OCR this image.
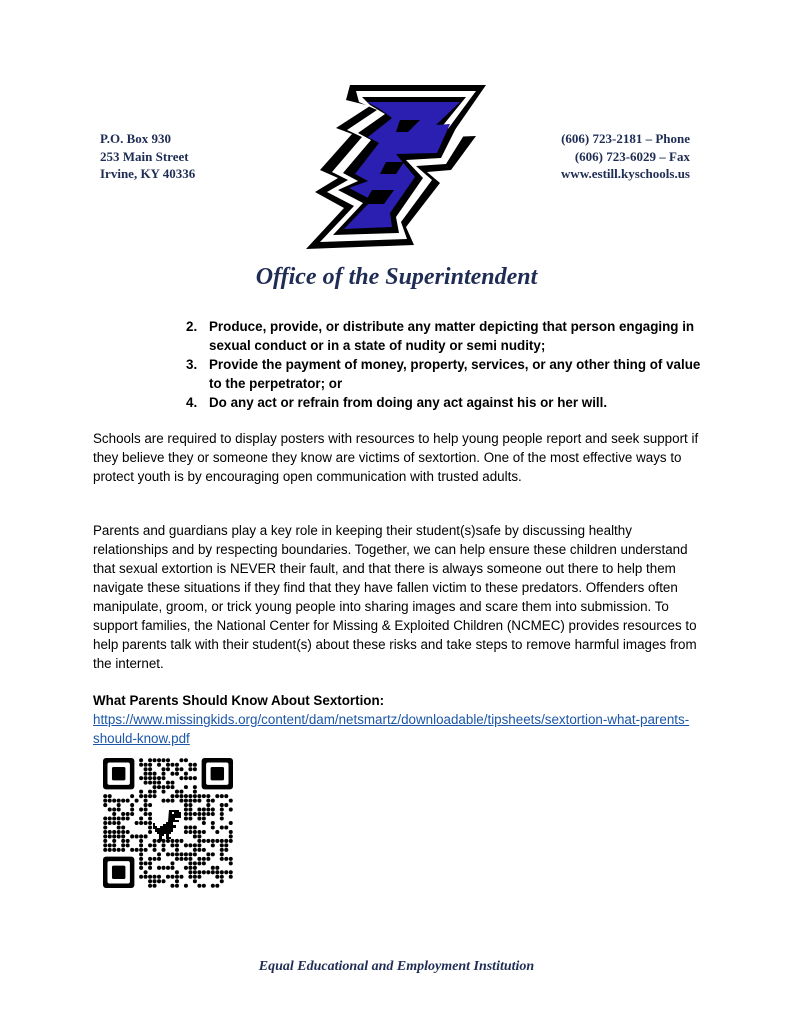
P.O. Box 930
253 Main Street
Irvine, KY 40336
(606) 723-2181 – Phone
(606) 723-6029 – Fax
www.estill.kyschools.us
Office of the Superintendent
2. Produce, provide, or distribute any matter depicting that person engaging in sexual conduct or in a state of nudity or semi nudity;
3. Provide the payment of money, property, services, or any other thing of value to the perpetrator; or
4. Do any act or refrain from doing any act against his or her will.

Schools are required to display posters with resources to help young people report and seek support if they believe they or someone they know are victims of sextortion. One of the most effective ways to protect youth is by encouraging open communication with trusted adults.

Parents and guardians play a key role in keeping their student(s)safe by discussing healthy relationships and by respecting boundaries. Together, we can help ensure these children understand that sexual extortion is NEVER their fault, and that there is always someone out there to help them navigate these situations if they find that they have fallen victim to these predators. Offenders often manipulate, groom, or trick young people into sharing images and scare them into submission. To support families, the National Center for Missing & Exploited Children (NCMEC) provides resources to help parents talk with their student(s) about these risks and take steps to remove harmful images from the internet.

What Parents Should Know About Sextortion:
https://www.missingkids.org/content/dam/netsmartz/downloadable/tipsheets/sextortion-what-parents-should-know.pdf
Equal Educational and Employment Institution
